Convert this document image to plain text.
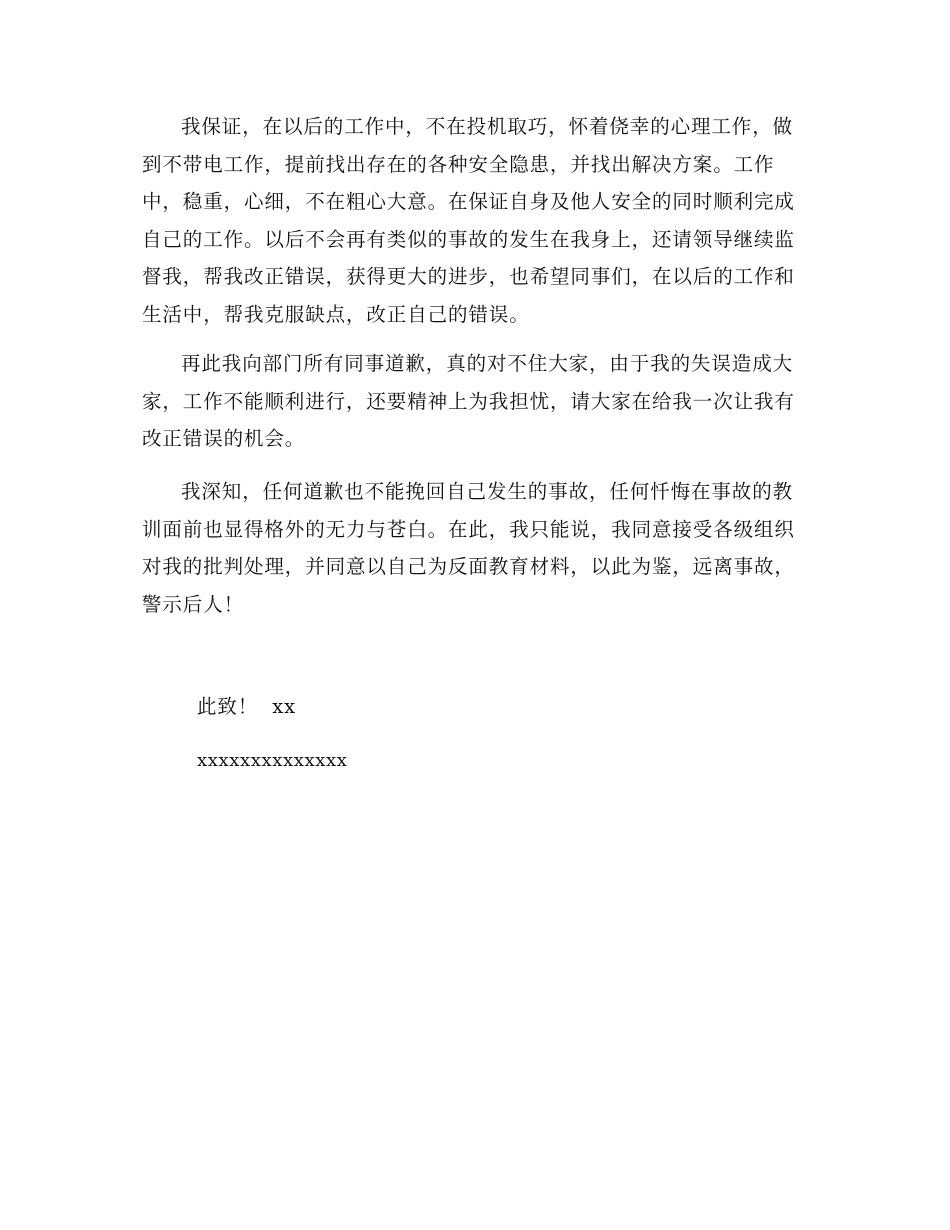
我保证，在以后的工作中，不在投机取巧，怀着侥幸的心理工作，做到不带电工作，提前找出存在的各种安全隐患，并找出解决方案。工作中，稳重，心细，不在粗心大意。在保证自身及他人安全的同时顺利完成自己的工作。以后不会再有类似的事故的发生在我身上，还请领导继续监督我，帮我改正错误，获得更大的进步，也希望同事们，在以后的工作和生活中，帮我克服缺点，改正自己的错误。

再此我向部门所有同事道歉，真的对不住大家，由于我的失误造成大家，工作不能顺利进行，还要精神上为我担忧，请大家在给我一次让我有改正错误的机会。

我深知，任何道歉也不能挽回自己发生的事故，任何忏悔在事故的教训面前也显得格外的无力与苍白。在此，我只能说，我同意接受各级组织对我的批判处理，并同意以自己为反面教育材料，以此为鉴，远离事故，警示后人！

此致！ xx
xxxxxxxxxxxxxx
